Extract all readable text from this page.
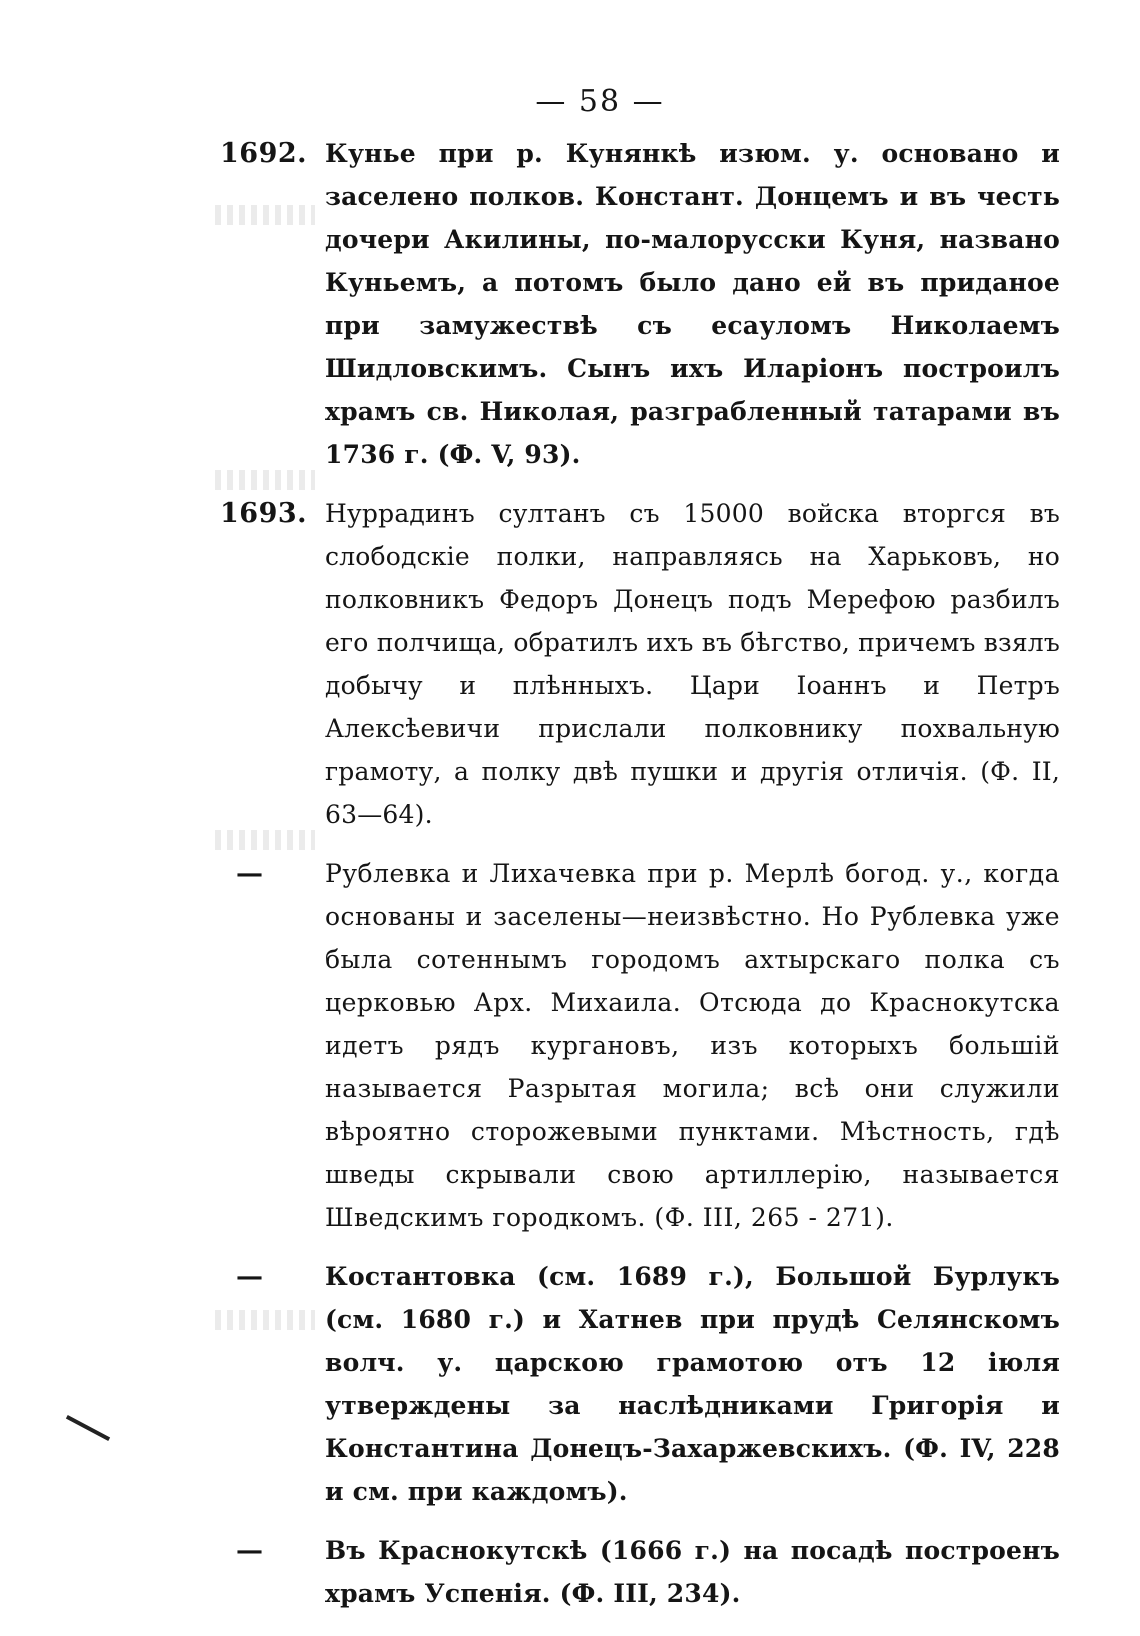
— 58 —
1692. Кунье при р. Кунянкѣ изюм. у. основано и заселено полков. Констант. Донцемъ и въ честь дочери Акилины, по-малорусски Куня, названо Куньемъ, а потомъ было дано ей въ приданое при замужествѣ съ есауломъ Николаемъ Шидловскимъ. Сынъ ихъ Иларіонъ построилъ храмъ св. Николая, разграбленный татарами въ 1736 г. (Ф. V, 93).
1693. Нуррадинъ султанъ съ 15000 войска вторгся въ слободскіе полки, направляясь на Харьковъ, но полковникъ Федоръ Донецъ подъ Мерефою разбилъ его полчища, обратилъ ихъ въ бѣгство, причемъ взялъ добычу и плѣнныхъ. Цари Іоаннъ и Петръ Алексѣевичи прислали полковнику похвальную грамоту, а полку двѣ пушки и другія отличія. (Ф. II, 63—64).
—	Рублевка и Лихачевка при р. Мерлѣ богод. у., когда основаны и заселены—неизвѣстно. Но Рублевка уже была сотеннымъ городомъ ахтырскаго полка съ церковью Арх. Михаила. Отсюда до Краснокутска идетъ рядъ кургановъ, изъ которыхъ большій называется Разрытая могила; всѣ они служили вѣроятно сторожевыми пунктами. Мѣстность, гдѣ шведы скрывали свою артиллерію, называется Шведскимъ городкомъ. (Ф. III, 265 - 271).
—	Костантовка (см. 1689 г.), Большой Бурлукъ (см. 1680 г.) и Хатнев при прудѣ Селянскомъ волч. у. царскою грамотою отъ 12 іюля утверждены за наслѣдниками Григорія и Константина Донецъ-Захаржевскихъ. (Ф. IV, 228 и см. при каждомъ).
—	Въ Краснокутскѣ (1666 г.) на посадѣ построенъ храмъ Успенія. (Ф. III, 234).
